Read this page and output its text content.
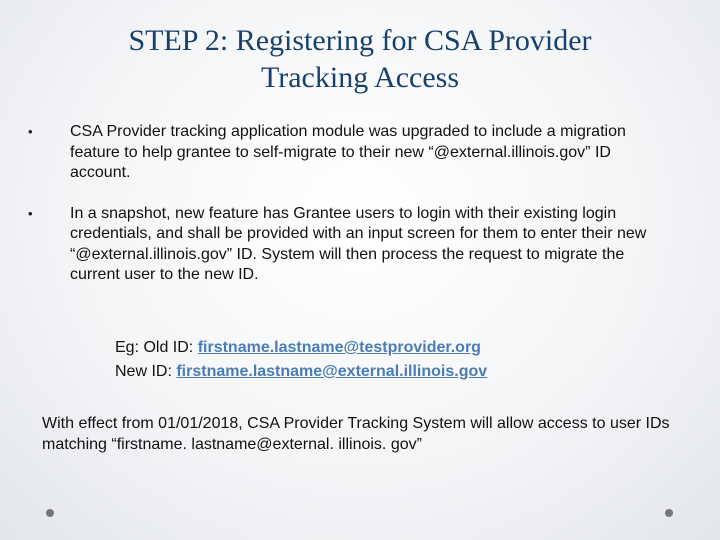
STEP 2: Registering for CSA Provider
Tracking Access
• CSA Provider tracking application module was upgraded to include a migration feature to help grantee to self-migrate to their new “@external.illinois.gov” ID account.
• In a snapshot, new feature has Grantee users to login with their existing login credentials, and shall be provided with an input screen for them to enter their new “@external.illinois.gov” ID. System will then process the request to migrate the current user to the new ID.
Eg: Old ID: firstname.lastname@testprovider.org
New ID: firstname.lastname@external.illinois.gov
With effect from 01/01/2018, CSA Provider Tracking System will allow access to user IDs matching “firstname. lastname@external. illinois. gov”
